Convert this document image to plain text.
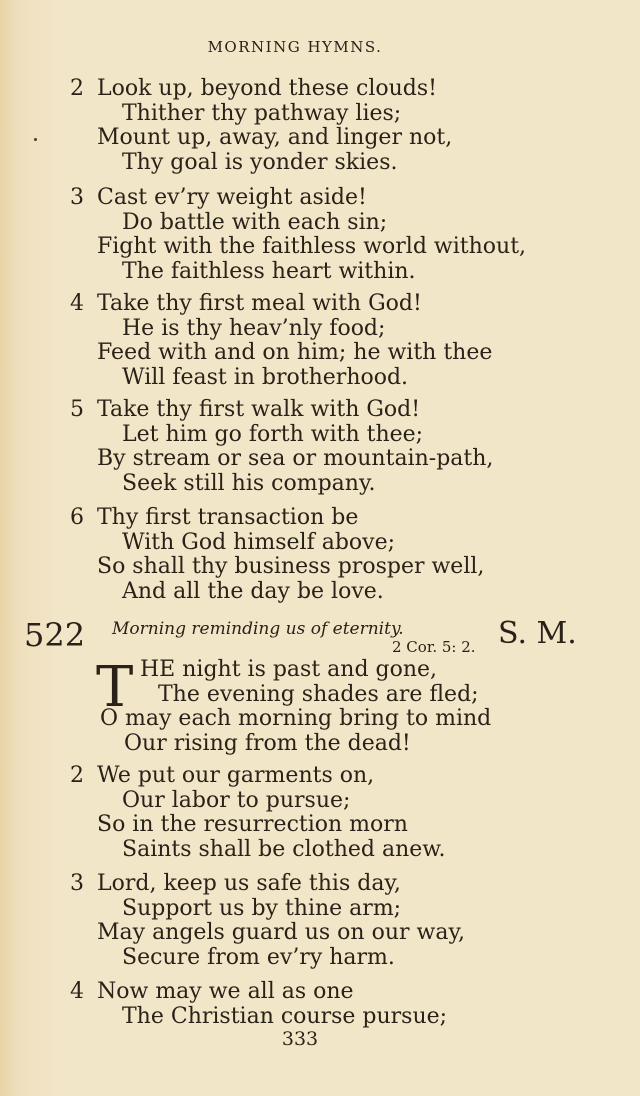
MORNING HYMNS.
2 Look up, beyond these clouds!
Thither thy pathway lies;
Mount up, away, and linger not,
Thy goal is yonder skies.
3 Cast ev’ry weight aside!
Do battle with each sin;
Fight with the faithless world without,
The faithless heart within.
4 Take thy first meal with God!
He is thy heav’nly food;
Feed with and on him; he with thee
Will feast in brotherhood.
5 Take thy first walk with God!
Let him go forth with thee;
By stream or sea or mountain-path,
Seek still his company.
6 Thy first transaction be
With God himself above;
So shall thy business prosper well,
And all the day be love.
522 Morning reminding us of eternity.
2 Cor. 5: 2. S. M.
T HE night is past and gone,
The evening shades are fled;
O may each morning bring to mind
Our rising from the dead!
2 We put our garments on,
Our labor to pursue;
So in the resurrection morn
Saints shall be clothed anew.
3 Lord, keep us safe this day,
Support us by thine arm;
May angels guard us on our way,
Secure from ev’ry harm.
4 Now may we all as one
The Christian course pursue;
333
